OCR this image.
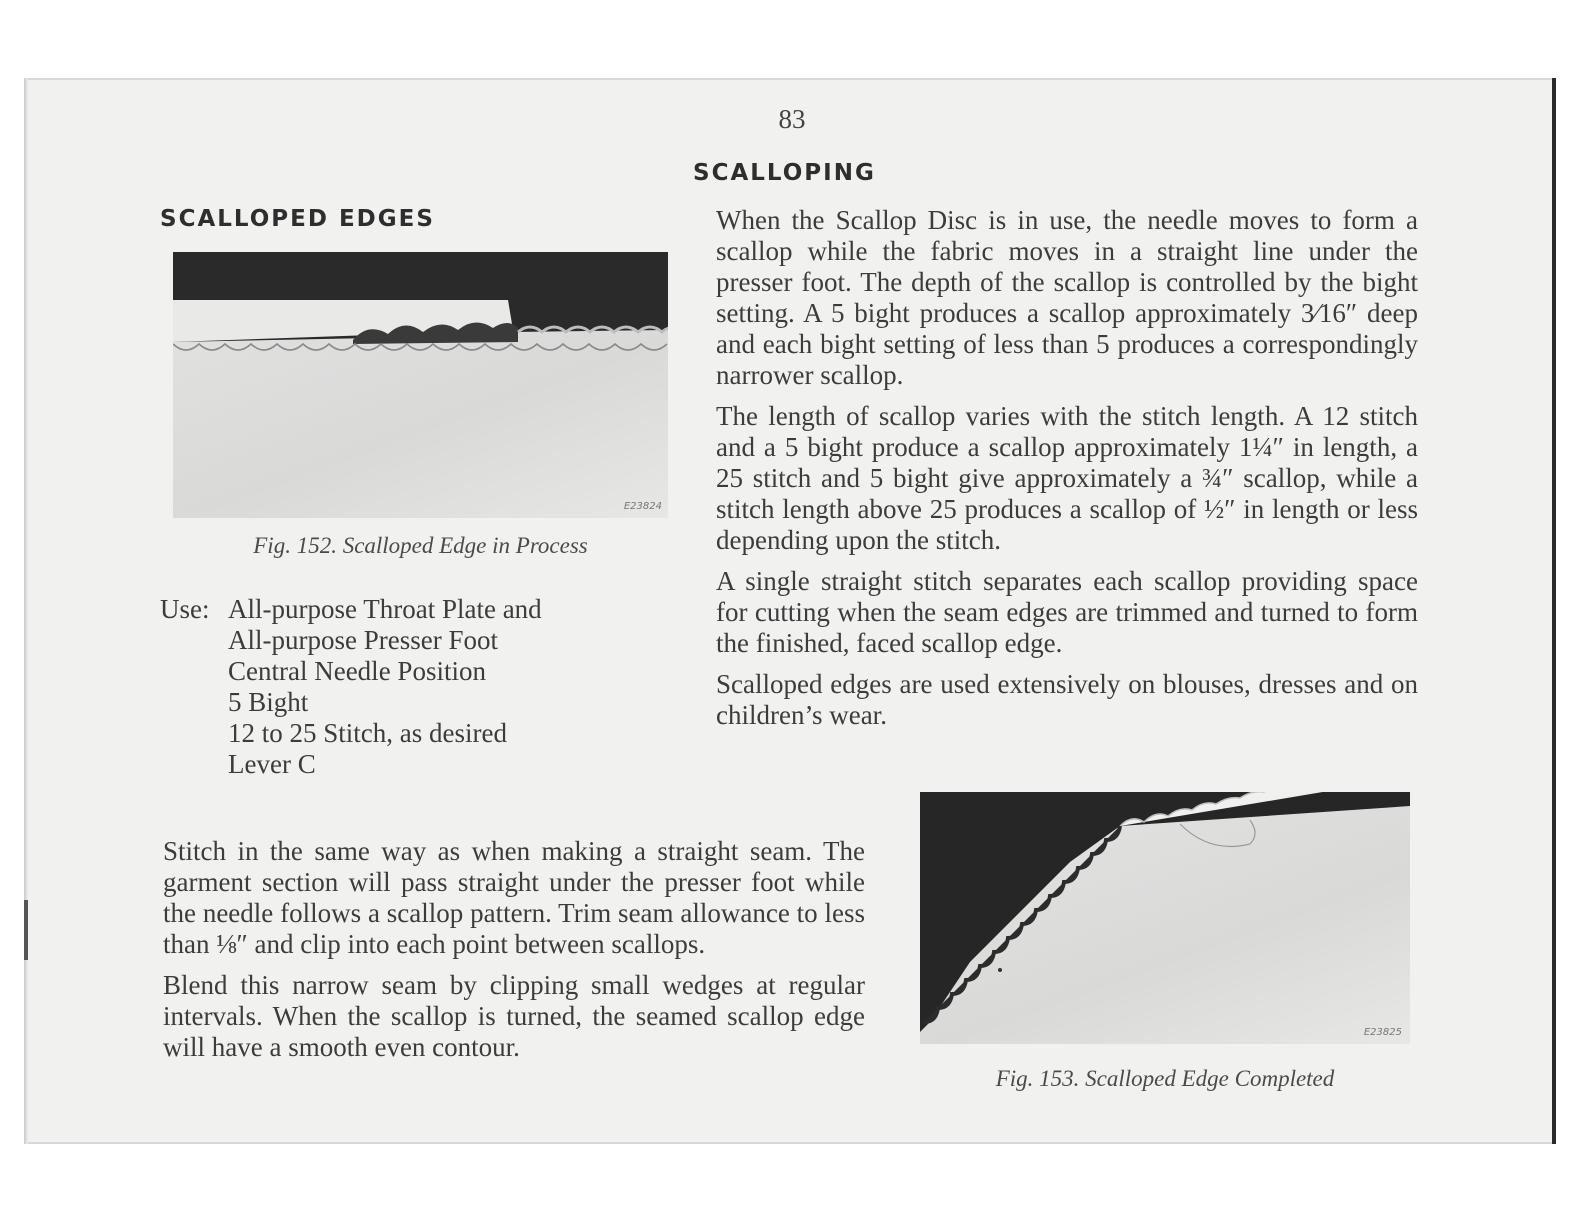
83
SCALLOPING
SCALLOPED EDGES
E23824
Fig. 152. Scalloped Edge in Process
Use: All-purpose Throat Plate and
All-purpose Presser Foot
Central Needle Position
5 Bight
12 to 25 Stitch, as desired
Lever C

When the Scallop Disc is in use, the needle moves to form a scallop while the fabric moves in a straight line under the presser foot. The depth of the scallop is controlled by the bight setting. A 5 bight produces a scallop approximately 3⁄16″ deep and each bight setting of less than 5 produces a correspondingly narrower scallop.

The length of scallop varies with the stitch length. A 12 stitch and a 5 bight produce a scallop approximately 1¼″ in length, a 25 stitch and 5 bight give approximately a ¾″ scallop, while a stitch length above 25 produces a scallop of ½″ in length or less depending upon the stitch.

A single straight stitch separates each scallop providing space for cutting when the seam edges are trimmed and turned to form the finished, faced scallop edge.

Scalloped edges are used extensively on blouses, dresses and on children’s wear.

Stitch in the same way as when making a straight seam. The garment section will pass straight under the presser foot while the needle follows a scallop pattern. Trim seam allowance to less than ⅛″ and clip into each point between scallops.

Blend this narrow seam by clipping small wedges at regular intervals. When the scallop is turned, the seamed scallop edge will have a smooth even contour.	E23825
Fig. 153. Scalloped Edge Completed
